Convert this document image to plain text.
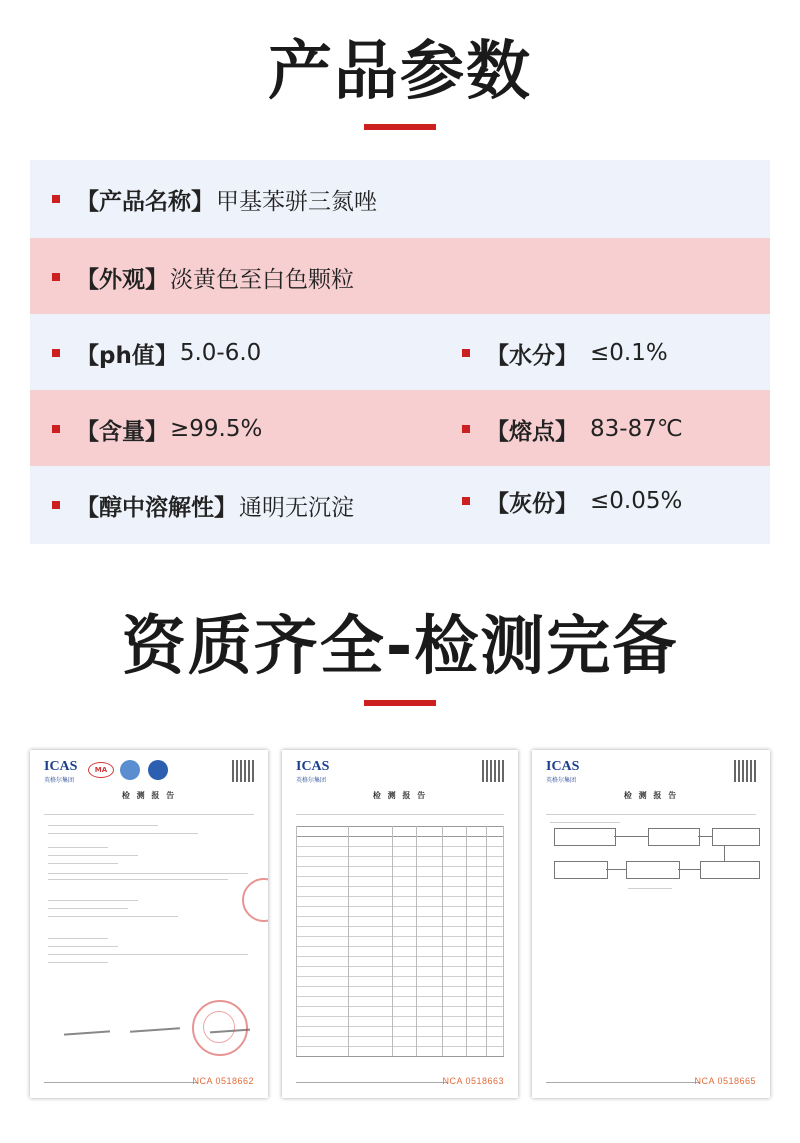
产品参数
【产品名称】 甲基苯骈三氮唑
【外观】 淡黄色至白色颗粒
【ph值】 5.0-6.0	【水分】 ≤0.1%
【含量】 ≥99.5%	【熔点】 83-87℃
【醇中溶解性】 通明无沉淀	【灰份】 ≤0.05%
资质齐全-检测完备
ICAS
英格尔集团
MA
检 测 报 告
NCA 0518662
ICAS
英格尔集团
检 测 报 告
NCA 0518663
ICAS
英格尔集团
检 测 报 告
NCA 0518665
